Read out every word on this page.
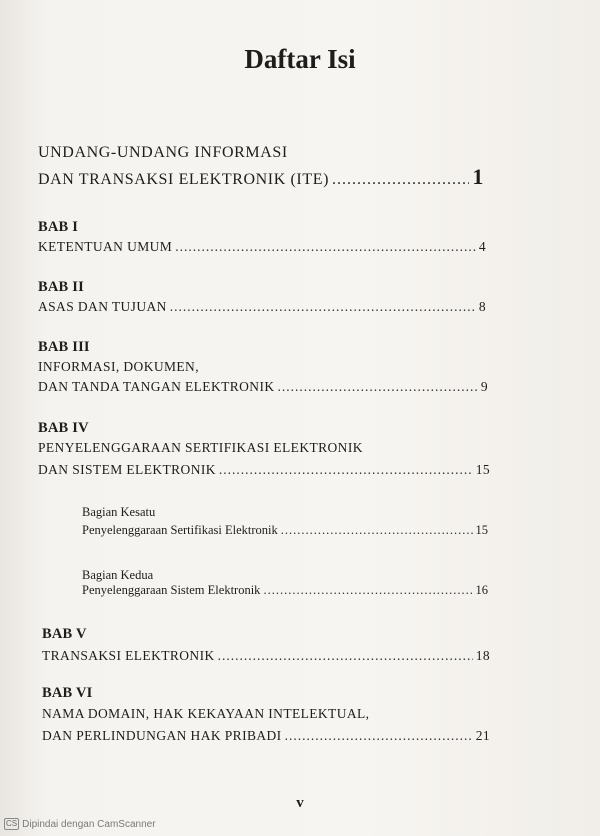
Daftar Isi
UNDANG-UNDANG INFORMASI
DAN TRANSAKSI ELEKTRONIK (ITE) .....	1
BAB I
KETENTUAN UMUM .....	4
BAB II
ASAS DAN TUJUAN .....	8
BAB III
INFORMASI, DOKUMEN,
DAN TANDA TANGAN ELEKTRONIK .....	9
BAB IV
PENYELENGGARAAN SERTIFIKASI ELEKTRONIK
DAN SISTEM ELEKTRONIK .....	15
Bagian Kesatu
Penyelenggaraan Sertifikasi Elektronik .....	15
Bagian Kedua
Penyelenggaraan Sistem Elektronik .....	16
BAB V
TRANSAKSI ELEKTRONIK .....	18
BAB VI
NAMA DOMAIN, HAK KEKAYAAN INTELEKTUAL,
DAN PERLINDUNGAN HAK PRIBADI .....	21
v
CS Dipindai dengan CamScanner
